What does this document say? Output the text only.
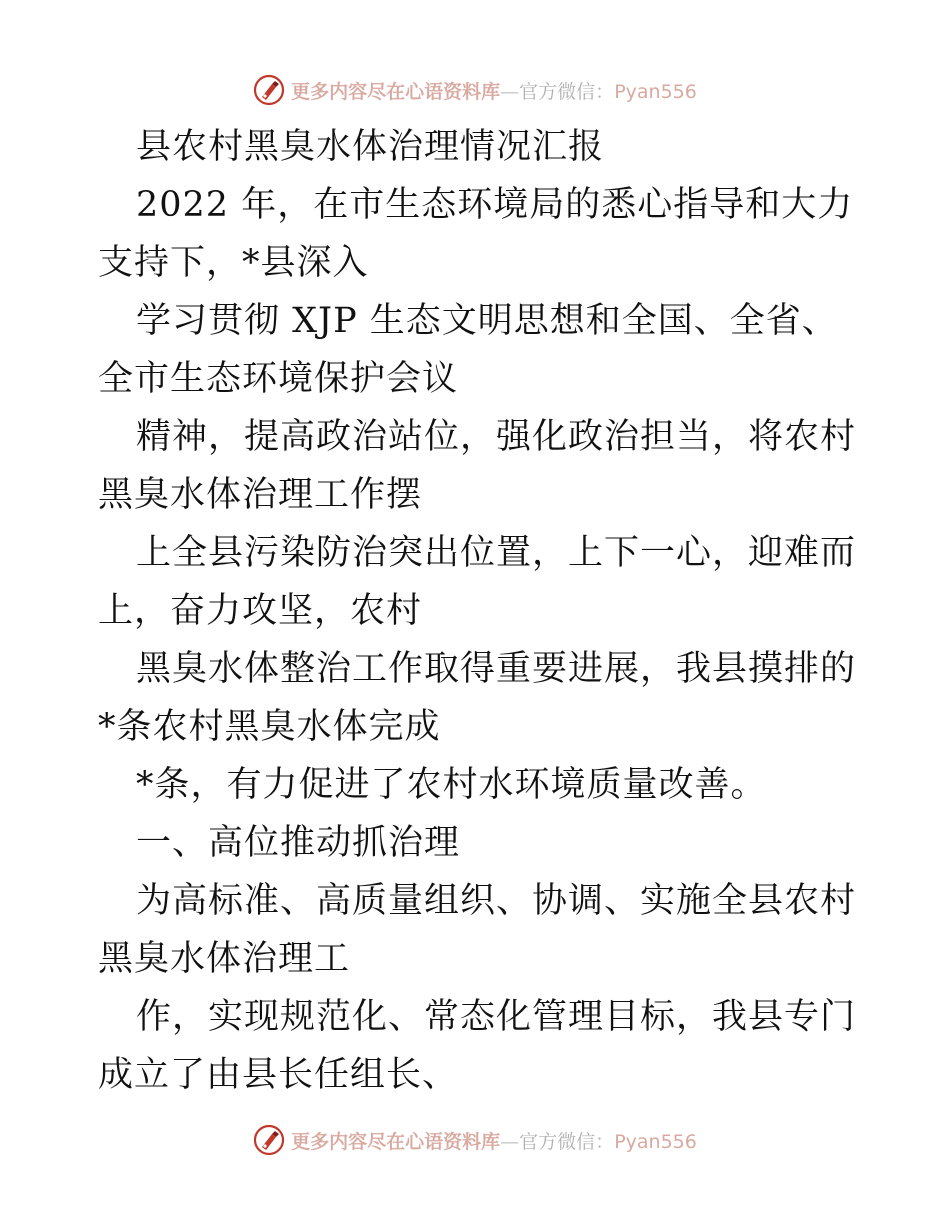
更多内容尽在心语资料库—官方微信：Pyan556

县农村黑臭水体治理情况汇报

2022 年，在市生态环境局的悉心指导和大力支持下，*县深入

学习贯彻 XJP 生态文明思想和全国、全省、全市生态环境保护会议

精神，提高政治站位，强化政治担当，将农村黑臭水体治理工作摆

上全县污染防治突出位置，上下一心，迎难而上，奋力攻坚，农村

黑臭水体整治工作取得重要进展，我县摸排的*条农村黑臭水体完成

*条，有力促进了农村水环境质量改善。

一、高位推动抓治理

为高标准、高质量组织、协调、实施全县农村黑臭水体治理工

作，实现规范化、常态化管理目标，我县专门成立了由县长任组长、

更多内容尽在心语资料库—官方微信：Pyan556
